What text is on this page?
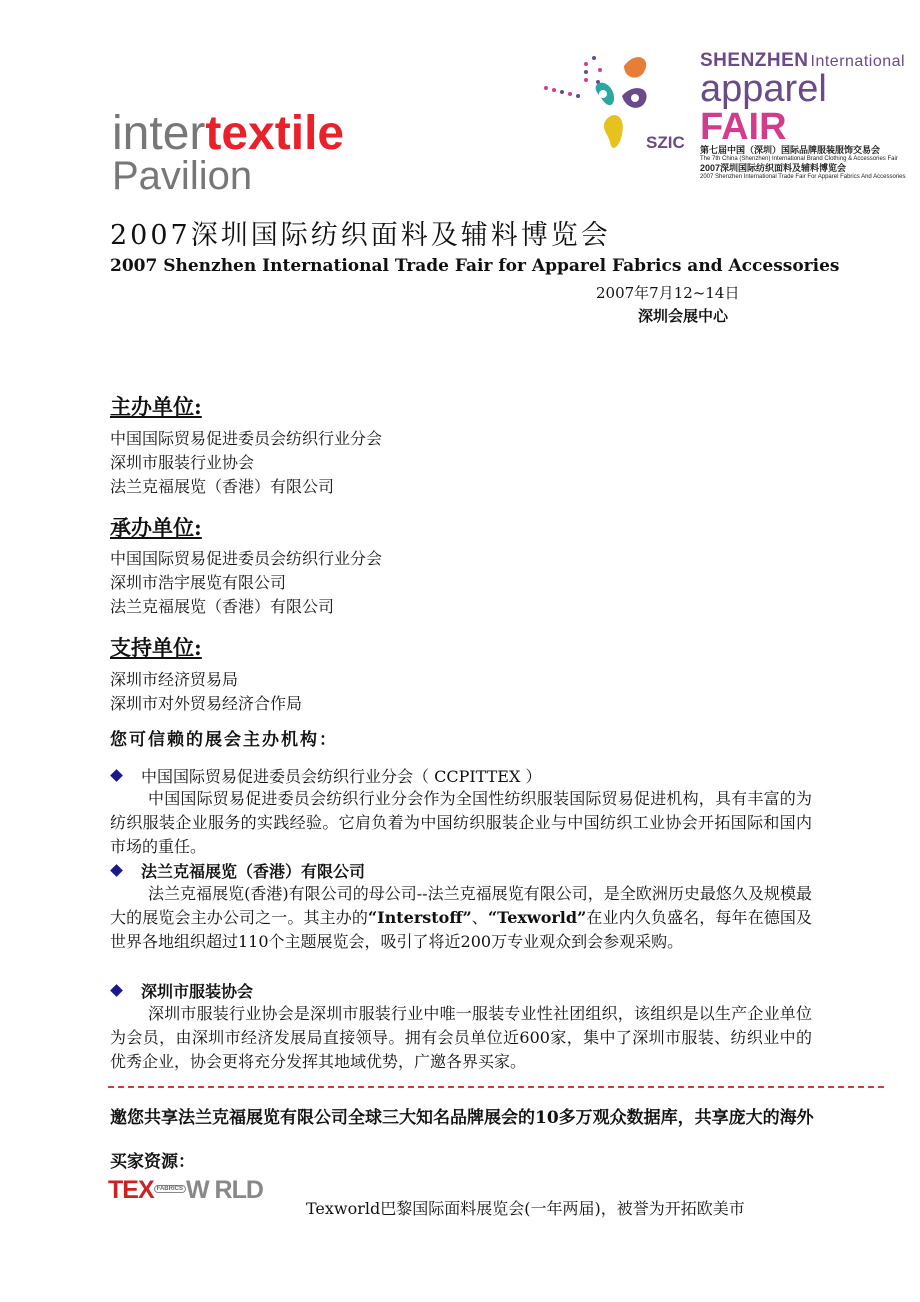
SZIC
SHENZHEN International
apparel FAIR
第七届中国（深圳）国际品牌服装服饰交易会
The 7th China (Shenzhen) International Brand Clothing & Accessories Fair
2007深圳国际纺织面料及辅料博览会
2007 Shenzhen International Trade Fair For Apparel Fabrics And Accessories
intertextile
Pavilion
2007深圳国际纺织面料及辅料博览会
2007 Shenzhen International Trade Fair for Apparel Fabrics and Accessories
2007年7月12~14日
深圳会展中心
主办单位:
中国国际贸易促进委员会纺织行业分会
深圳市服装行业协会
法兰克福展览（香港）有限公司
承办单位:
中国国际贸易促进委员会纺织行业分会
深圳市浩宇展览有限公司
法兰克福展览（香港）有限公司
支持单位:
深圳市经济贸易局
深圳市对外贸易经济合作局
您可信赖的展会主办机构：
中国国际贸易促进委员会纺织行业分会（ CCPITTEX ）
中国国际贸易促进委员会纺织行业分会作为全国性纺织服装国际贸易促进机构，具有丰富的为纺织服装企业服务的实践经验。它肩负着为中国纺织服装企业与中国纺织工业协会开拓国际和国内市场的重任。
法兰克福展览（香港）有限公司
法兰克福展览(香港)有限公司的母公司--法兰克福展览有限公司，是全欧洲历史最悠久及规模最大的展览会主办公司之一。其主办的“Interstoff”、“Texworld”在业内久负盛名，每年在德国及世界各地组织超过110个主题展览会，吸引了将近200万专业观众到会参观采购。
深圳市服装协会
深圳市服装行业协会是深圳市服装行业中唯一服装专业性社团组织，该组织是以生产企业单位为会员，由深圳市经济发展局直接领导。拥有会员单位近600家，集中了深圳市服装、纺织业中的优秀企业，协会更将充分发挥其地域优势，广邀各界买家。
邀您共享法兰克福展览有限公司全球三大知名品牌展会的10多万观众数据库，共享庞大的海外买家资源：
TEX FABRICS W RLD
Texworld巴黎国际面料展览会(一年两届)，被誉为开拓欧美市
